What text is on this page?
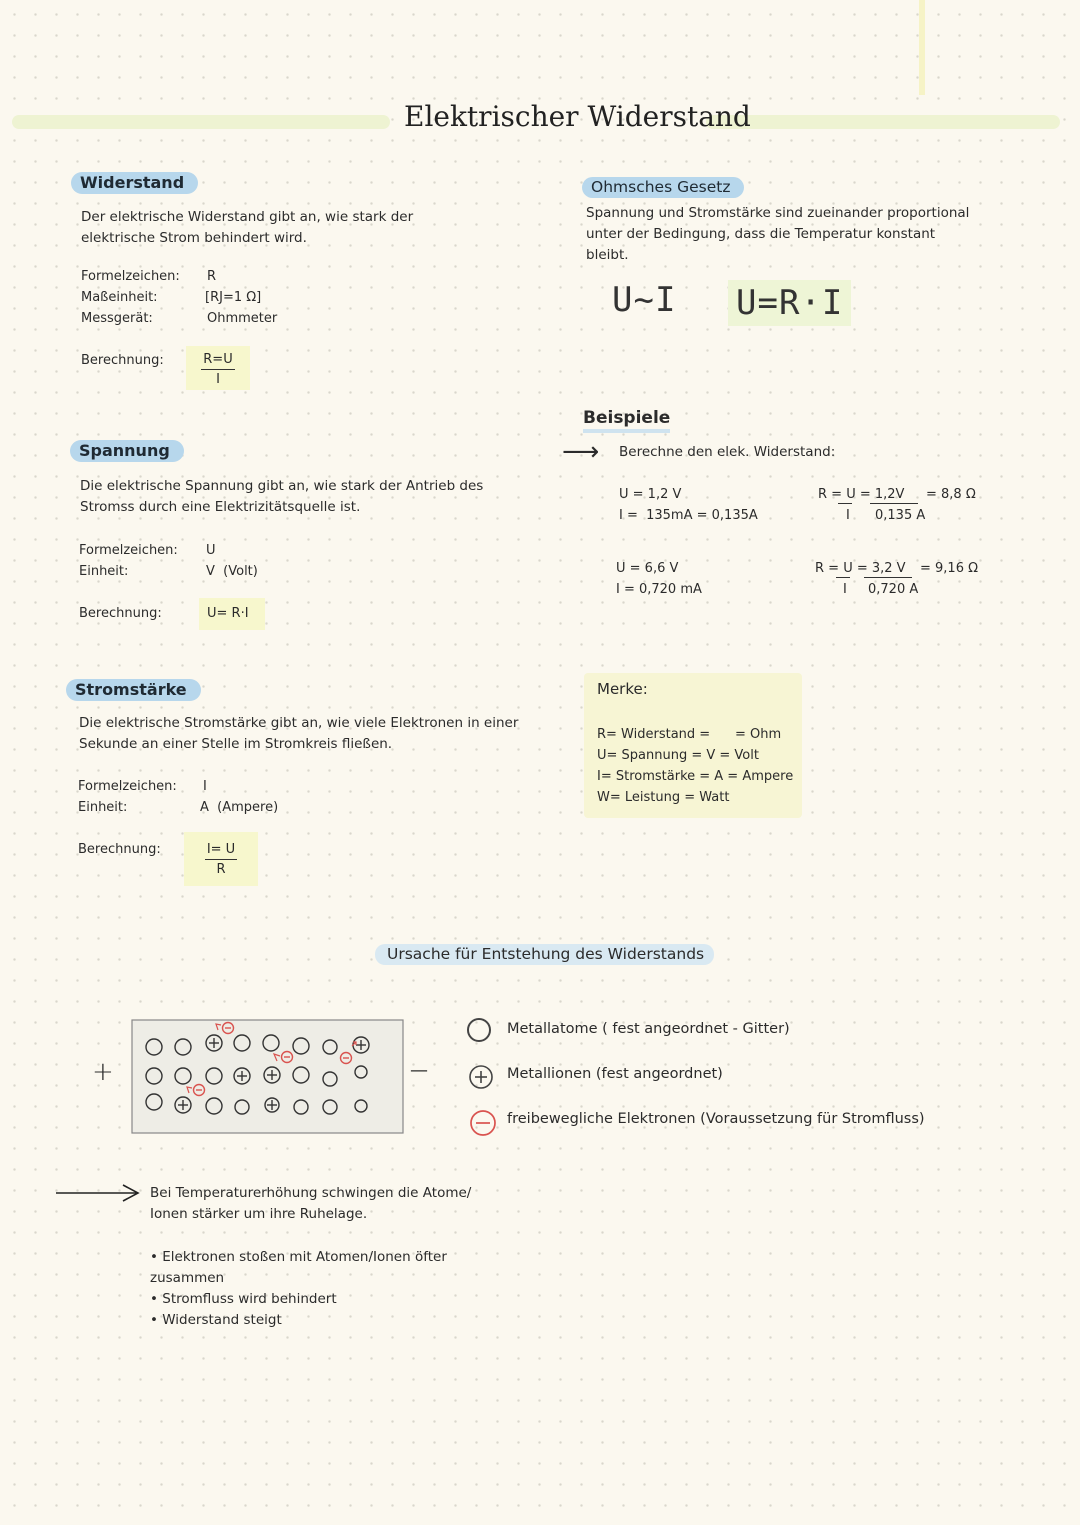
Elektrischer Widerstand
Widerstand
Der elektrische Widerstand gibt an, wie stark der
elektrische Strom behindert wird.
Formelzeichen: R
Maßeinheit:	[RJ=1 Ω]
Messgerät:	Ohmmeter
Berechnung:	R=U
I
Spannung
Die elektrische Spannung gibt an, wie stark der Antrieb des
Stromss durch eine Elektrizitätsquelle ist.
Formelzeichen: U
Einheit:	V  (Volt)
Berechnung:	U= R·I
Stromstärke
Die elektrische Stromstärke gibt an, wie viele Elektronen in einer
Sekunde an einer Stelle im Stromkreis fließen.
Formelzeichen: I
Einheit:	A  (Ampere)
Berechnung:	I= U
R
Ohmsches Gesetz
Spannung und Stromstärke sind zueinander proportional
unter der Bedingung, dass die Temperatur konstant
bleibt.
U~I U=R·I
Beispiele
⟶ Berechne den elek. Widerstand:
U = 1,2 V
I =  135mA = 0,135A
R = U = 1,2V
I 0,135 A
= 8,8 Ω
U = 6,6 V
I = 0,720 mA
R = U = 3,2 V
I 0,720 A
= 9,16 Ω
Merke:
R= Widerstand =      = Ohm
U= Spannung = V = Volt
I= Stromstärke = A = Ampere
W= Leistung = Watt
Ursache für Entstehung des Widerstands
+	—
Metallatome ( fest angeordnet - Gitter)
Metallionen (fest angeordnet)
freibewegliche Elektronen (Voraussetzung für Stromfluss)
Bei Temperaturerhöhung schwingen die Atome/
Ionen stärker um ihre Ruhelage.
• Elektronen stoßen mit Atomen/Ionen öfter
zusammen
• Stromfluss wird behindert
• Widerstand steigt
